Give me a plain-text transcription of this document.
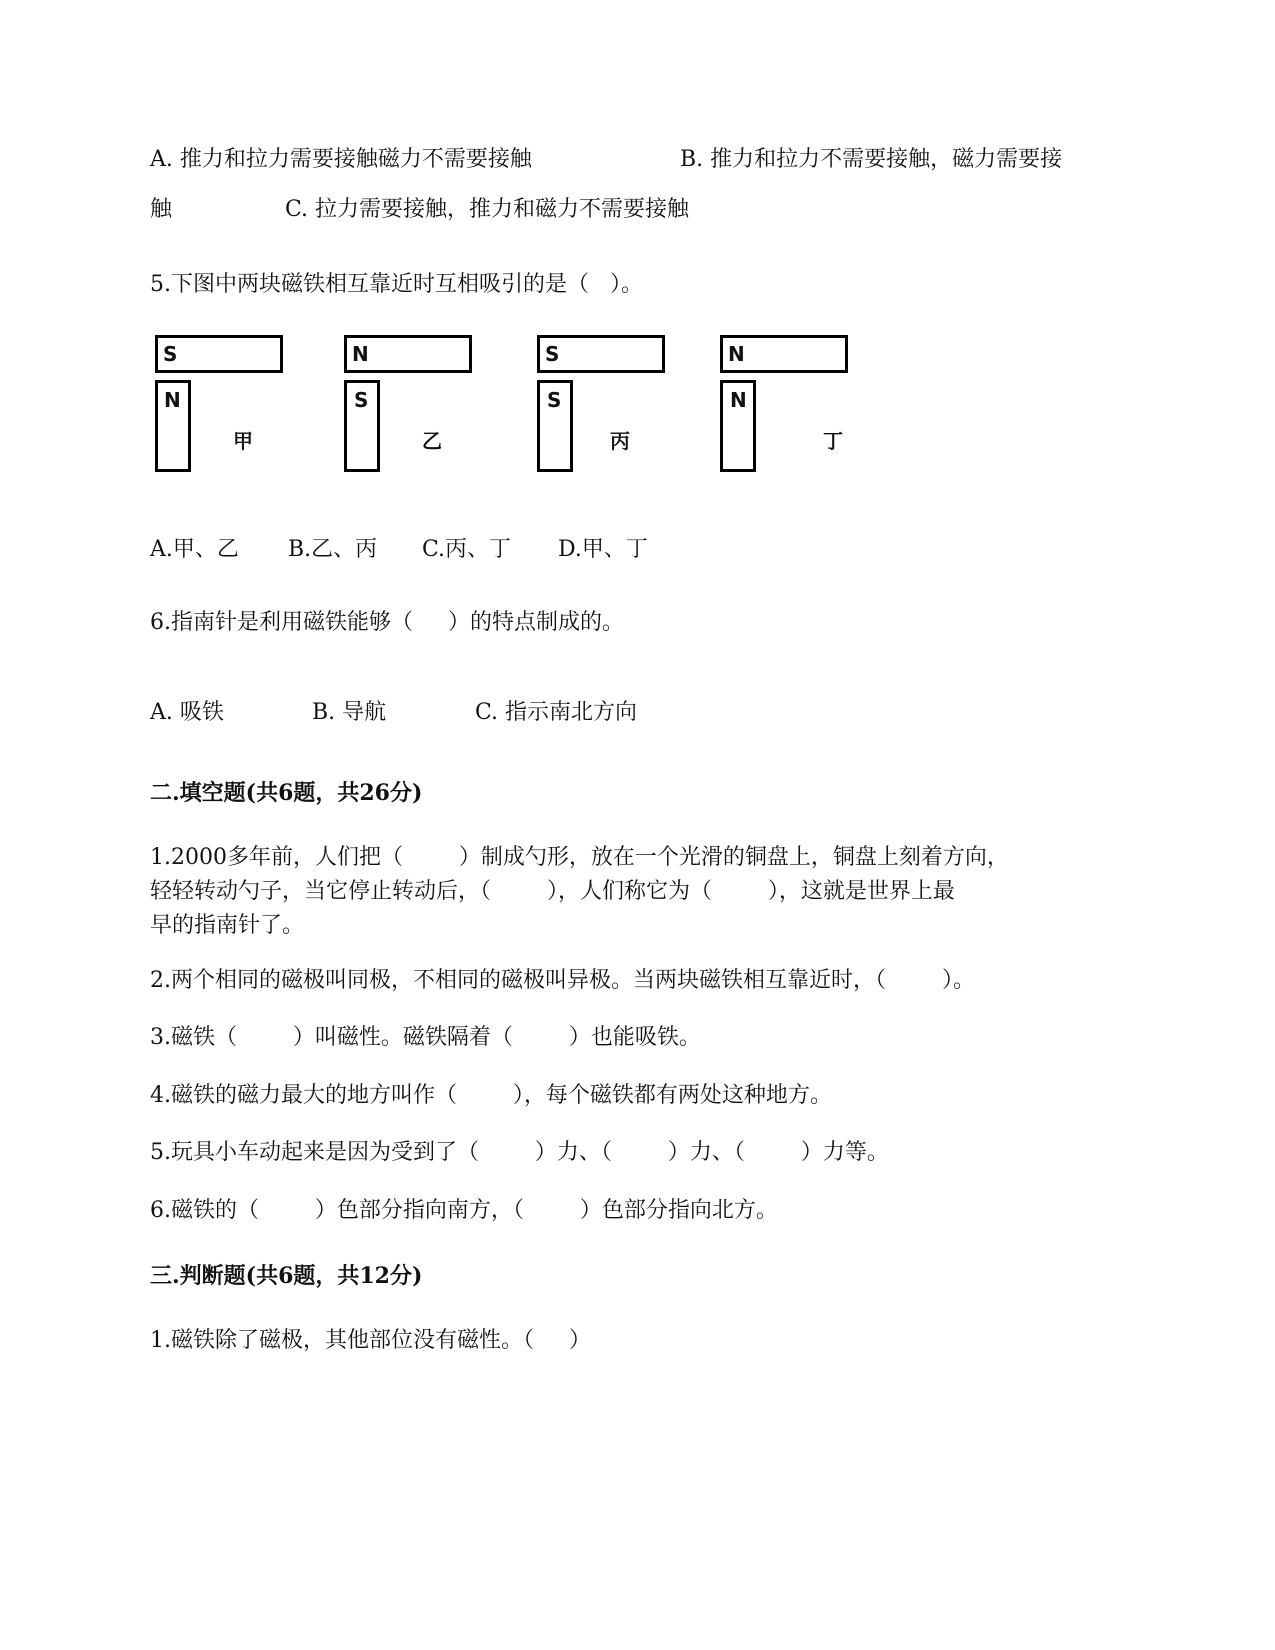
A. 推力和拉力需要接触磁力不需要接触	B. 推力和拉力不需要接触，磁力需要接
触	C. 拉力需要接触，推力和磁力不需要接触
5.下图中两块磁铁相互靠近时互相吸引的是（   ）。
S
N
甲
N
S
乙
S
S
丙
N
N
丁
A.甲、乙 B.乙、丙 C.丙、丁 D.甲、丁
6.指南针是利用磁铁能够（     ）的特点制成的。
A. 吸铁	B. 导航	C. 指示南北方向
二.填空题(共6题，共26分)
1.2000多年前，人们把（        ）制成勺形，放在一个光滑的铜盘上，铜盘上刻着方向，
轻轻转动勺子，当它停止转动后，（        ），人们称它为（        ），这就是世界上最
早的指南针了。
2.两个相同的磁极叫同极，不相同的磁极叫异极。当两块磁铁相互靠近时，（        ）。
3.磁铁（        ）叫磁性。磁铁隔着（        ）也能吸铁。
4.磁铁的磁力最大的地方叫作（        ），每个磁铁都有两处这种地方。
5.玩具小车动起来是因为受到了（        ）力、（        ）力、（        ）力等。
6.磁铁的（        ）色部分指向南方，（        ）色部分指向北方。
三.判断题(共6题，共12分)
1.磁铁除了磁极，其他部位没有磁性。（     ）
